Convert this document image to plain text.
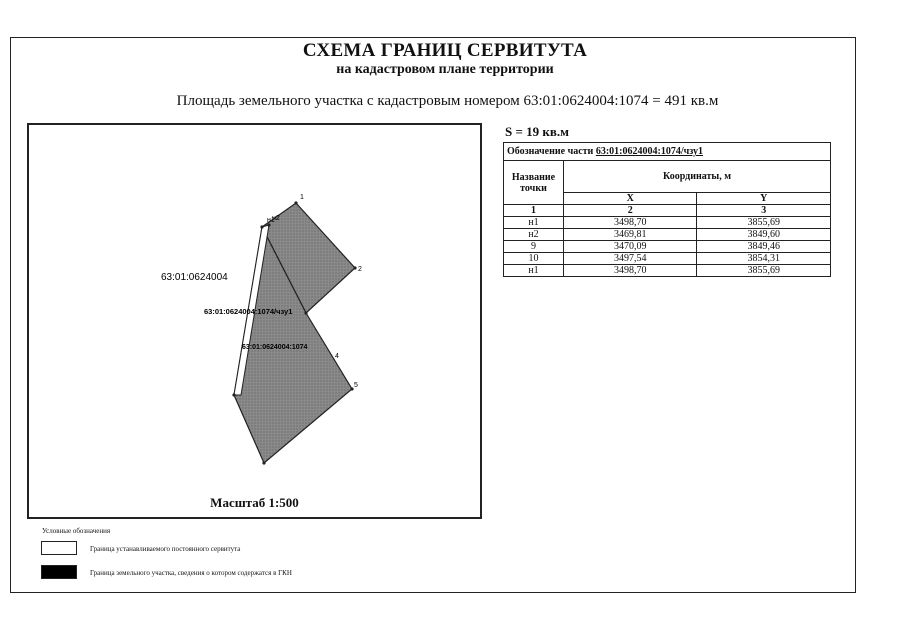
СХЕМА ГРАНИЦ СЕРВИТУТА
на кадастровом плане территории
Площадь земельного участка с кадастровым номером 63:01:0624004:1074 = 491 кв.м
1
2
4
5
н1
н2
63:01:0624004
63:01:0624004:1074/чзу1
63:01:0624004:1074
Масштаб 1:500
S = 19 кв.м
Обозначение части 63:01:0624004:1074/чзу1		
Название точки	Координаты, м	
	X	Y
1	2	3
н1	3498,70	3855,69
н2	3469,81	3849,60
9	3470,09	3849,46
10	3497,54	3854,31
н1	3498,70	3855,69
Условные обозначения
Граница устанавливаемого постоянного сервитута
Граница земельного участка, сведения о котором содержатся в ГКН
